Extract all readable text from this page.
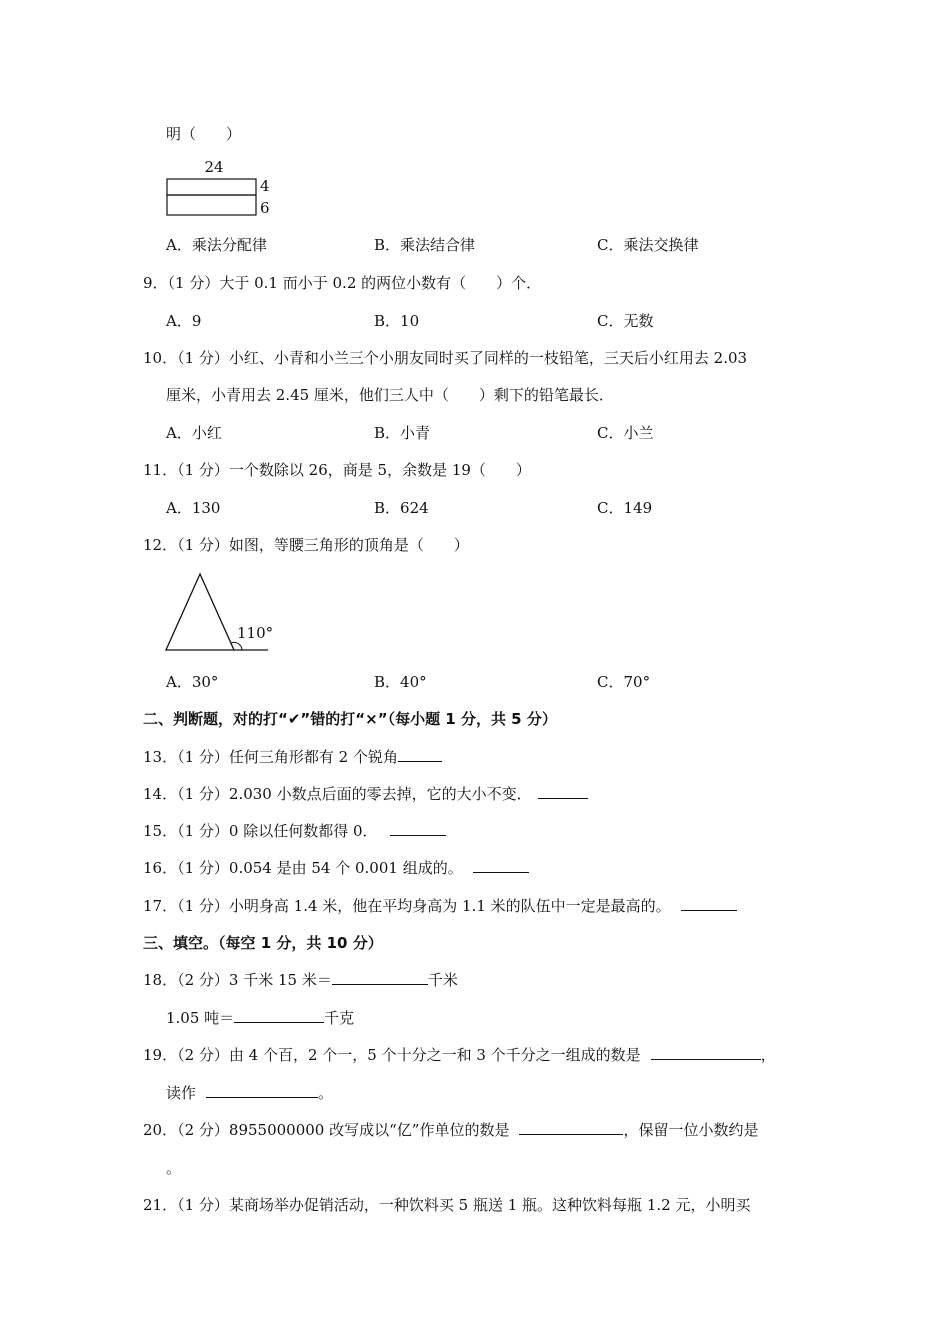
明（　　）
24
4
6
A．乘法分配律	B．乘法结合律	C．乘法交换律
9．（1 分）大于 0.1 而小于 0.2 的两位小数有（　　）个．
A．9	B．10	C．无数
10．（1 分）小红、小青和小兰三个小朋友同时买了同样的一枝铅笔，三天后小红用去 2.03
厘米，小青用去 2.45 厘米，他们三人中（　　）剩下的铅笔最长．
A．小红	B．小青	C．小兰
11．（1 分）一个数除以 26，商是 5，余数是 19（　　）
A．130	B．624	C．149
12．（1 分）如图，等腰三角形的顶角是（　　）
110°
A．30°	B．40°	C．70°
二、判断题，对的打“✔”错的打“×”（每小题 1 分，共 5 分）
13．（1 分）任何三角形都有 2 个锐角
14．（1 分）2.030 小数点后面的零去掉，它的大小不变．
15．（1 分）0 除以任何数都得 0．
16．（1 分）0.054 是由 54 个 0.001 组成的。
17．（1 分）小明身高 1.4 米，他在平均身高为 1.1 米的队伍中一定是最高的。
三、填空。（每空 1 分，共 10 分）
18．（2 分）3 千米 15 米＝	千米
1.05 吨＝	千克
19．（2 分）由 4 个百，2 个一，5 个十分之一和 3 个千分之一组成的数是	，
读作	。
20．（2 分）8955000000 改写成以“亿”作单位的数是	，保留一位小数约是
。
21．（1 分）某商场举办促销活动，一种饮料买 5 瓶送 1 瓶。这种饮料每瓶 1.2 元，小明买
